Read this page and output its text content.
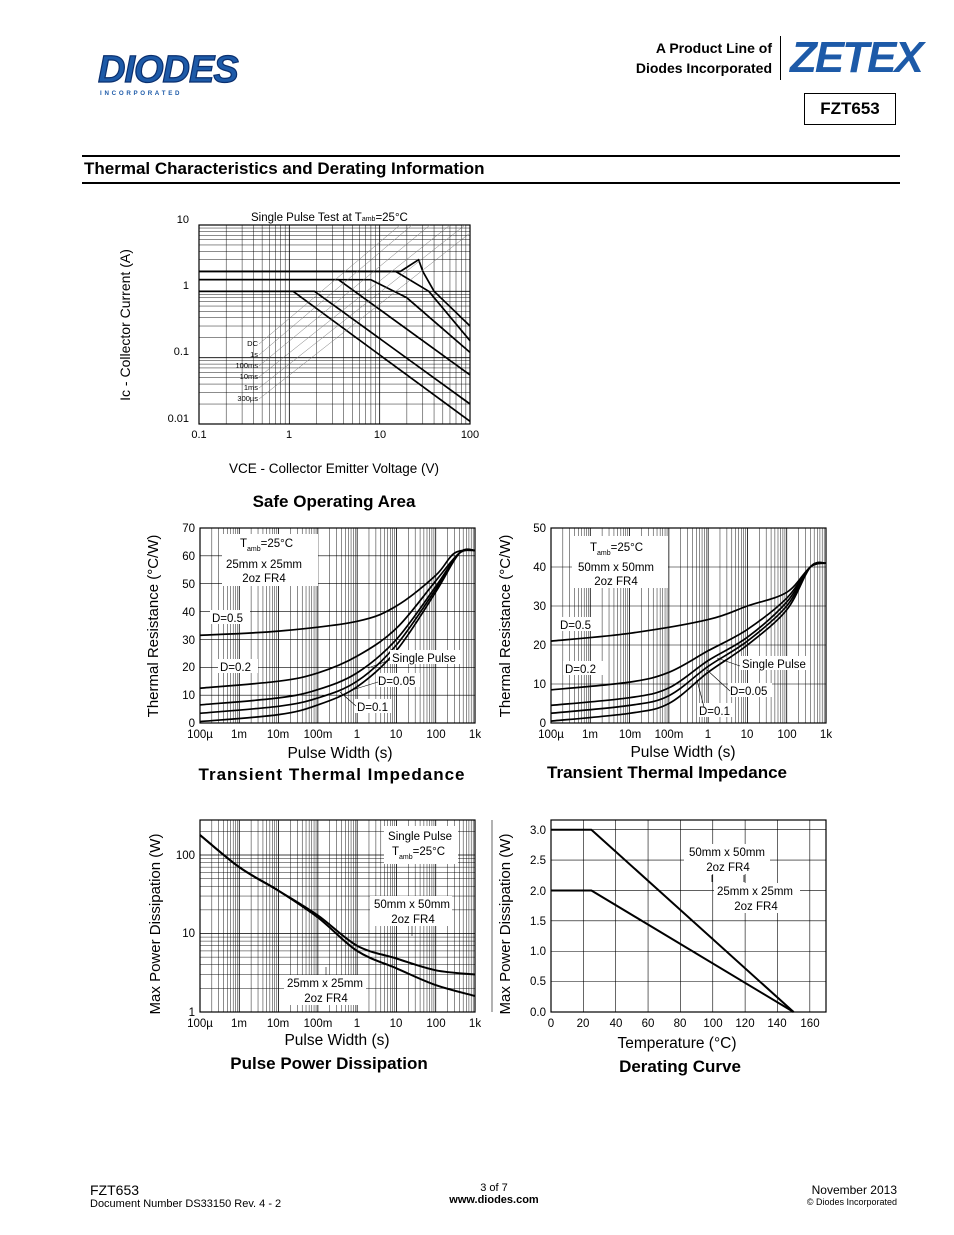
DIODES
I N C O R P O R A T E D
A Product Line of
Diodes Incorporated ZETEX
FZT653
Thermal Characteristics and Derating Information
Single Pulse Test at Tamb=25°C
10
1
0.1
0.01
0.1	1	10	100
DC
1s
100ms
10ms
1ms
300µs
Ic - Collector Current (A)
VCE - Collector Emitter Voltage (V)
Safe Operating Area
$T_{amb}=25^\circ C$
25mm x 25mm
2oz FR4
D=0.5
D=0.2
Single Pulse
D=0.05
D=0.1
70
60
50
40
30
20
10
0
100µ 1m 10m 100m 1	10 100 1k
Thermal Resistance (°C/W)
Pulse Width (s)
Transient Thermal Impedance
$T_{amb}=25^\circ C$
50mm x 50mm
2oz FR4
D=0.5
D=0.2	Single Pulse
D=0.05
D=0.1
50
40
30
20
10
0
100µ 1m 10m 100m 1	10 100 1k
Thermal Resistance (°C/W)
Pulse Width (s)
Transient Thermal Impedance
Single Pulse
$T_{amb}=25^\circ C$
50mm x 50mm
2oz FR4
25mm x 25mm
2oz FR4
100
10
1
100µ 1m 10m 100m 1	10 100 1k
Max Power Dissipation (W)
Pulse Width (s)
Pulse Power Dissipation
50mm x 50mm
2oz FR4
25mm x 25mm
2oz FR4
3.0
2.5
2.0
1.5
1.0
0.5
0.0
0 20 40 60 80 100 120 140 160
Max Power Dissipation (W)
Temperature (°C)
Derating Curve
FZT653
Document Number DS33150 Rev. 4 - 2
3 of 7
www.diodes.com
November 2013
© Diodes Incorporated
